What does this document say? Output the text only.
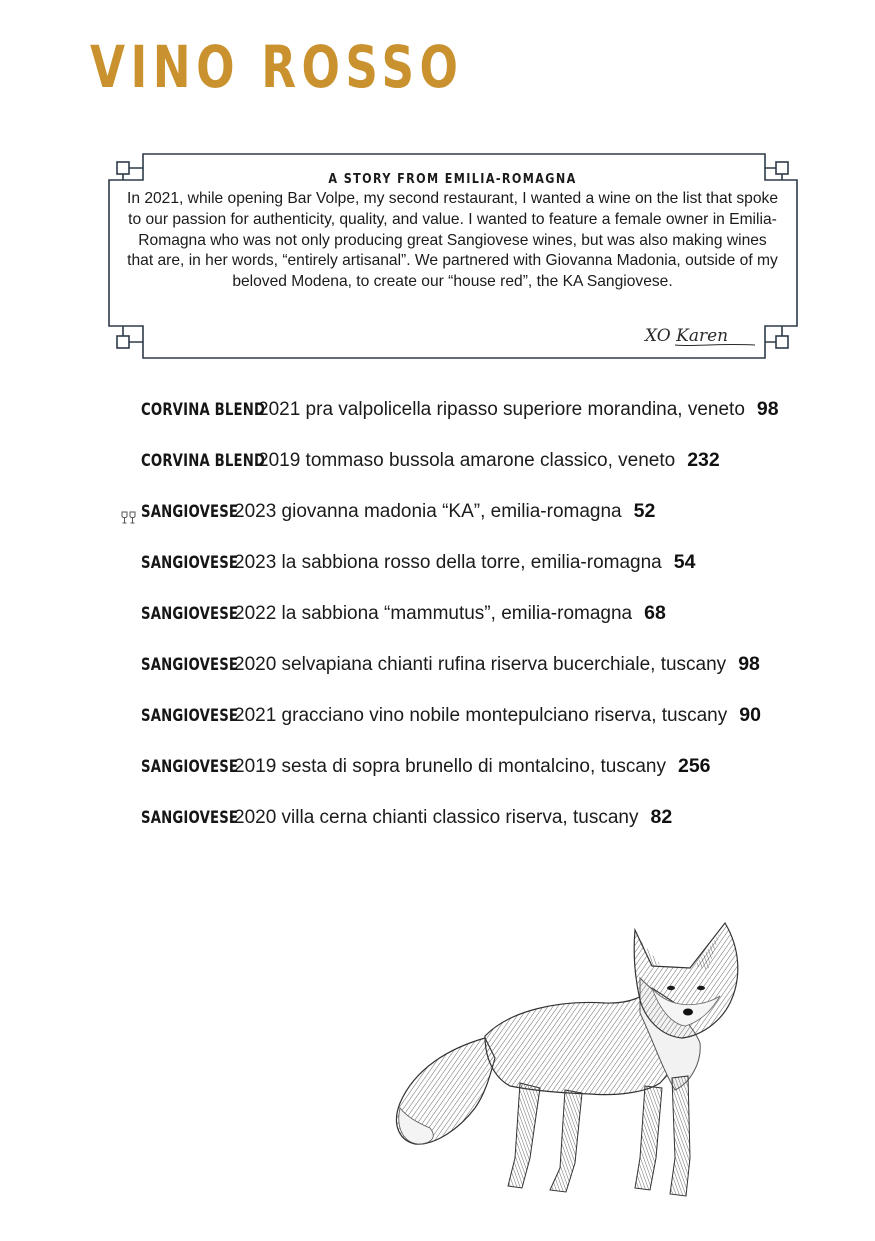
VINO ROSSO
A STORY FROM EMILIA-ROMAGNA

In 2021, while opening Bar Volpe, my second restaurant, I wanted a wine on the list that spoke to our passion for authenticity, quality, and value. I wanted to feature a female owner in Emilia-Romagna who was not only producing great Sangiovese wines, but was also making wines that are, in her words, “entirely artisanal”. We partnered with Giovanna Madonia, outside of my beloved Modena, to create our “house red”, the KA Sangiovese.

XO Karen
CORVINA BLEND
2021 pra valpolicella ripasso superiore morandina, veneto 98
CORVINA BLEND
2019 tommaso bussola amarone classico, veneto 232
SANGIOVESE
2023 giovanna madonia “KA”, emilia-romagna 52
SANGIOVESE
2023 la sabbiona rosso della torre, emilia-romagna 54
SANGIOVESE
2022 la sabbiona “mammutus”, emilia-romagna 68
SANGIOVESE
2020 selvapiana chianti rufina riserva bucerchiale, tuscany 98
SANGIOVESE
2021 gracciano vino nobile montepulciano riserva, tuscany 90
SANGIOVESE
2019 sesta di sopra brunello di montalcino, tuscany 256
SANGIOVESE
2020 villa cerna chianti classico riserva, tuscany 82
